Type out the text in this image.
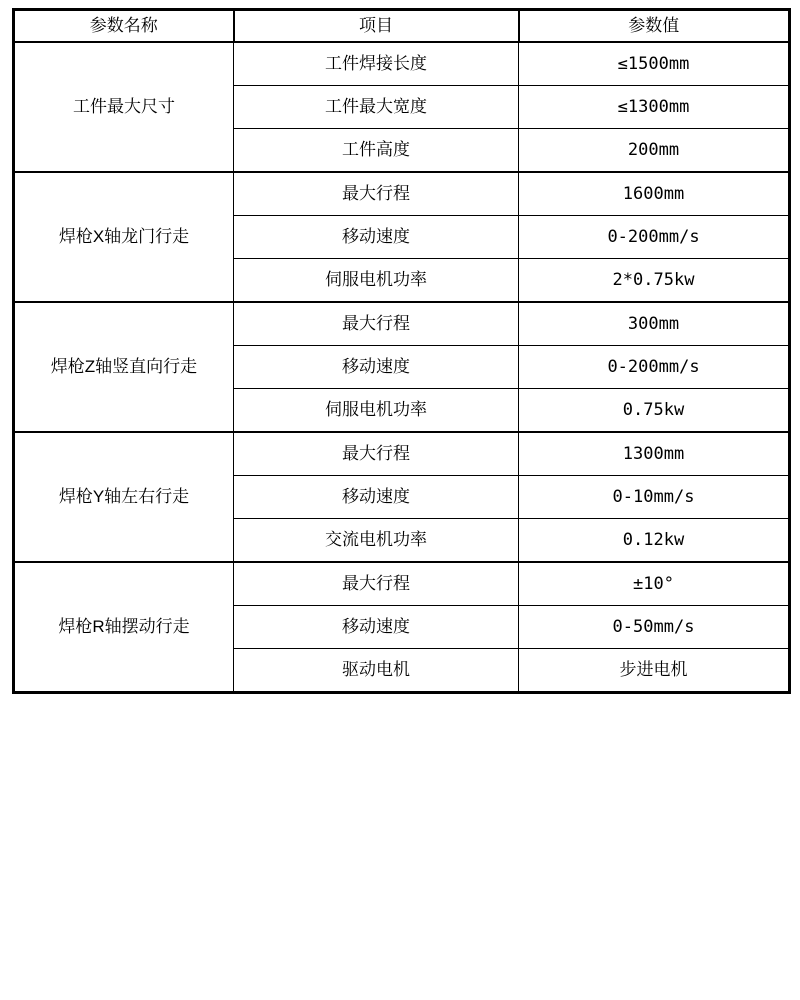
参数名称	项目	参数值
工件最大尺寸	工件焊接长度	≤1500mm
	工件最大宽度	≤1300mm
	工件高度	200mm
焊枪X轴龙门行走	最大行程	1600mm
	移动速度	0-200mm/s
	伺服电机功率	2*0.75kw
焊枪Z轴竖直向行走	最大行程	300mm
	移动速度	0-200mm/s
	伺服电机功率	0.75kw
焊枪Y轴左右行走	最大行程	1300mm
	移动速度	0-10mm/s
	交流电机功率	0.12kw
焊枪R轴摆动行走	最大行程	±10°
	移动速度	0-50mm/s
	驱动电机	步进电机
